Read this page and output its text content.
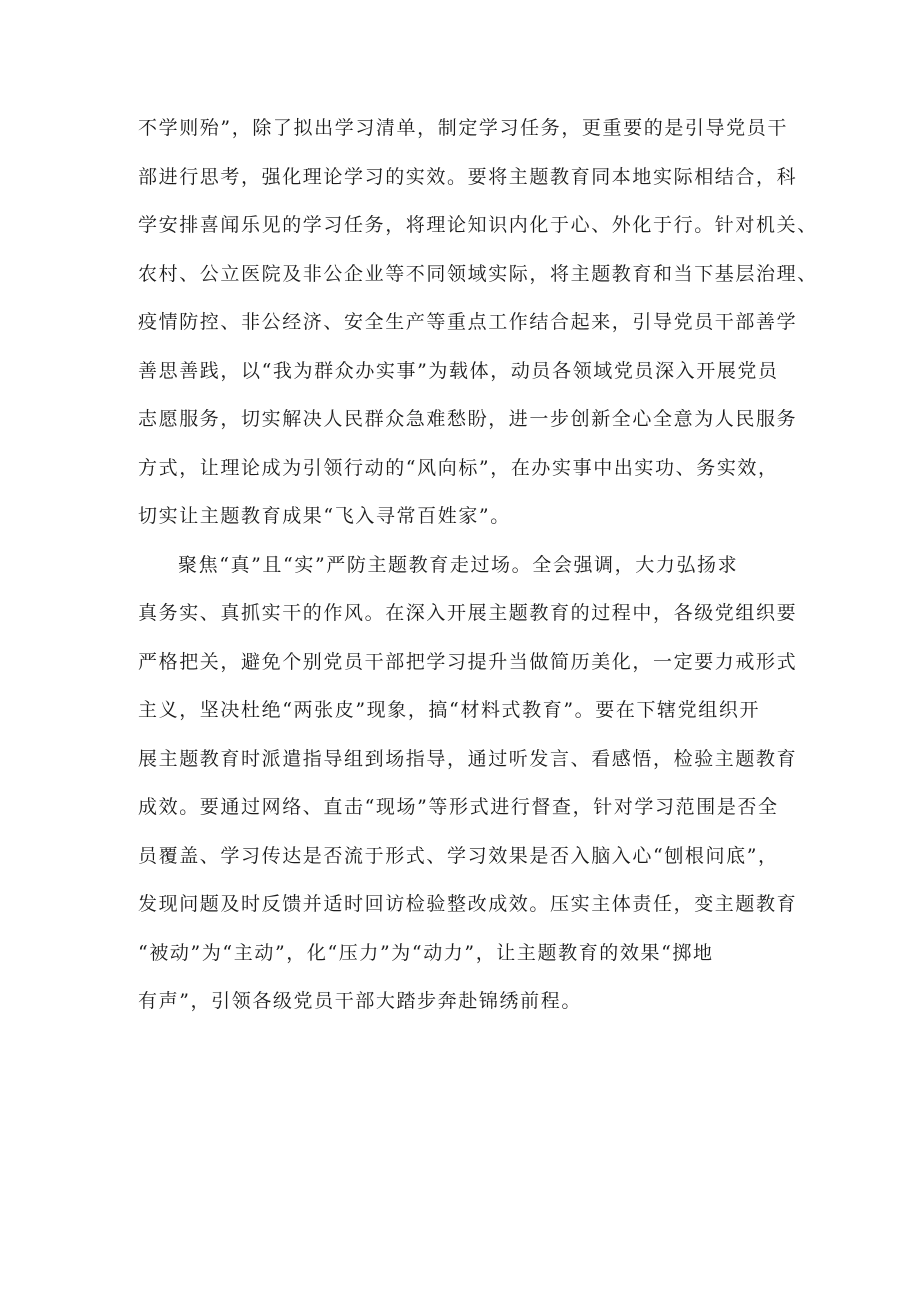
不学则殆”，除了拟出学习清单，制定学习任务，更重要的是引导党员干
部进行思考，强化理论学习的实效。要将主题教育同本地实际相结合，科
学安排喜闻乐见的学习任务，将理论知识内化于心、外化于行。针对机关、
农村、公立医院及非公企业等不同领域实际，将主题教育和当下基层治理、
疫情防控、非公经济、安全生产等重点工作结合起来，引导党员干部善学
善思善践，以“我为群众办实事”为载体，动员各领域党员深入开展党员
志愿服务，切实解决人民群众急难愁盼，进一步创新全心全意为人民服务
方式，让理论成为引领行动的“风向标”，在办实事中出实功、务实效，
切实让主题教育成果“飞入寻常百姓家”。
聚焦“真”且“实”严防主题教育走过场。全会强调，大力弘扬求
真务实、真抓实干的作风。在深入开展主题教育的过程中，各级党组织要
严格把关，避免个别党员干部把学习提升当做简历美化，一定要力戒形式
主义，坚决杜绝“两张皮”现象，搞“材料式教育”。要在下辖党组织开
展主题教育时派遣指导组到场指导，通过听发言、看感悟，检验主题教育
成效。要通过网络、直击“现场”等形式进行督查，针对学习范围是否全
员覆盖、学习传达是否流于形式、学习效果是否入脑入心“刨根问底”，
发现问题及时反馈并适时回访检验整改成效。压实主体责任，变主题教育
“被动”为“主动”，化“压力”为“动力”，让主题教育的效果“掷地
有声”，引领各级党员干部大踏步奔赴锦绣前程。
